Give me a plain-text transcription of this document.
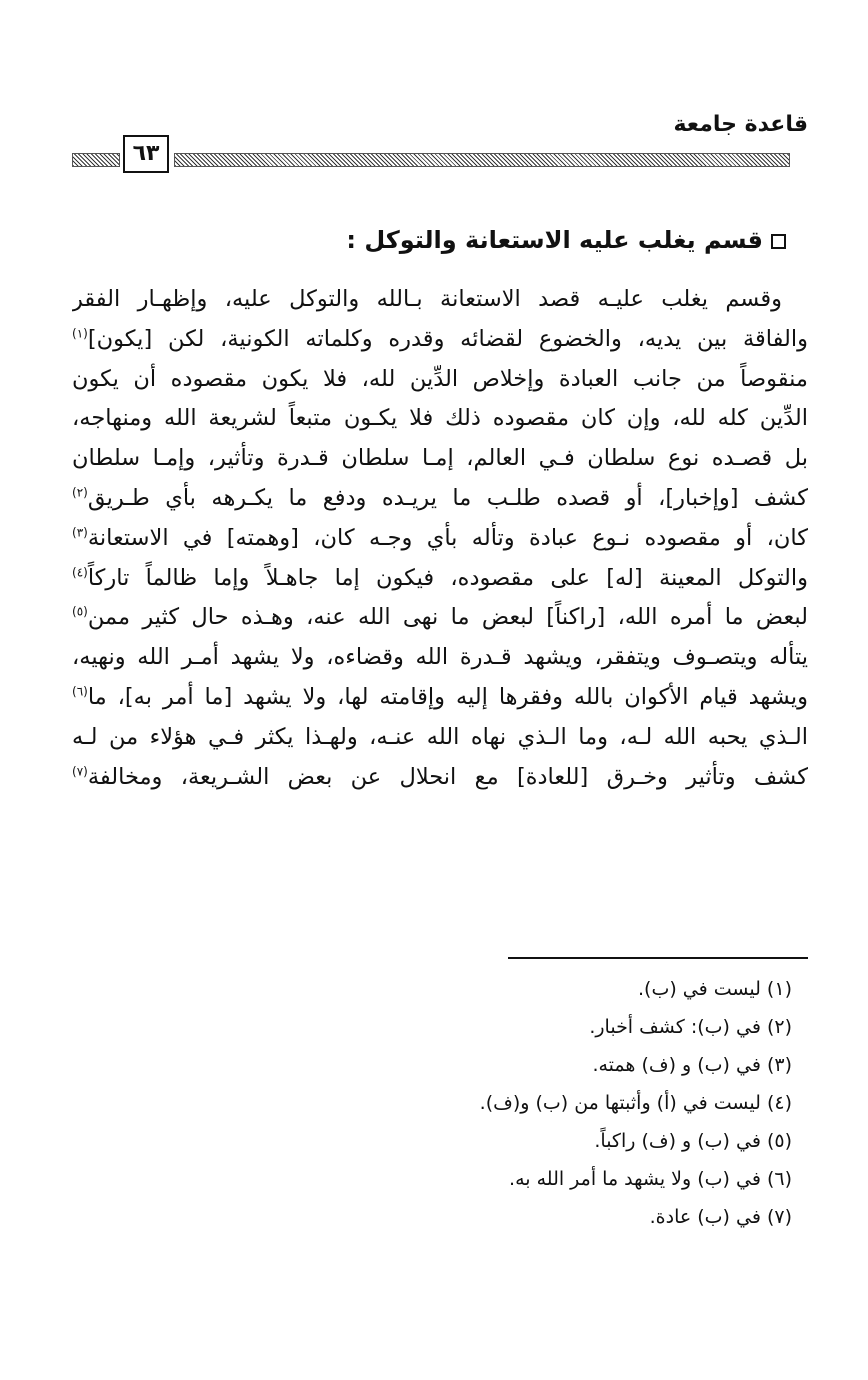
قاعدة جامعة
٦٣
قسم يغلب عليه الاستعانة والتوكل :
وقسم يغلب عليـه قصد الاستعانة بـالله والتوكل عليه، وإظهـار الفقر
والفاقة بين يديه، والخضوع لقضائه وقدره وكلماته الكونية، لكن [يكون]$^{(١)}$
منقوصاً من جانب العبادة وإخلاص الدِّين لله، فلا يكون مقصوده أن يكون
الدِّين كله لله، وإن كان مقصوده ذلك فلا يكـون متبعاً لشريعة الله ومنهاجه،
بل قصـده نوع سلطان فـي العالم، إمـا سلطان قـدرة وتأثير، وإمـا سلطان
كشف [وإخبار]، أو قصده طلـب ما يريـده ودفع ما يكـرهه بأي طـريق$^{(٢)}$
كان، أو مقصوده نـوع عبادة وتأله بأي وجـه كان، [وهمته] في الاستعانة$^{(٣)}$
والتوكل المعينة [له] على مقصوده، فيكون إما جاهـلاً وإما ظالماً تاركاً$^{(٤)}$
لبعض ما أمره الله، [راكناً] لبعض ما نهى الله عنه، وهـذه حال كثير ممن$^{(٥)}$
يتأله ويتصـوف ويتفقر، ويشهد قـدرة الله وقضاءه، ولا يشهد أمـر الله ونهيه،
ويشهد قيام الأكوان بالله وفقرها إليه وإقامته لها، ولا يشهد [ما أمر به]، ما$^{(٦)}$
الـذي يحبه الله لـه، وما الـذي نهاه الله عنـه، ولهـذا يكثر فـي هؤلاء من لـه
كشف وتأثير وخـرق [للعادة] مع انحلال عن بعض الشـريعة، ومخالفة$^{(٧)}$
(١) ليست في (ب).
(٢) في (ب): كشف أخبار.
(٣) في (ب) و (ف) همته.
(٤) ليست في (أ) وأثبتها من (ب) و(ف).
(٥) في (ب) و (ف) راكباً.
(٦) في (ب) ولا يشهد ما أمر الله به.
(٧) في (ب) عادة.
